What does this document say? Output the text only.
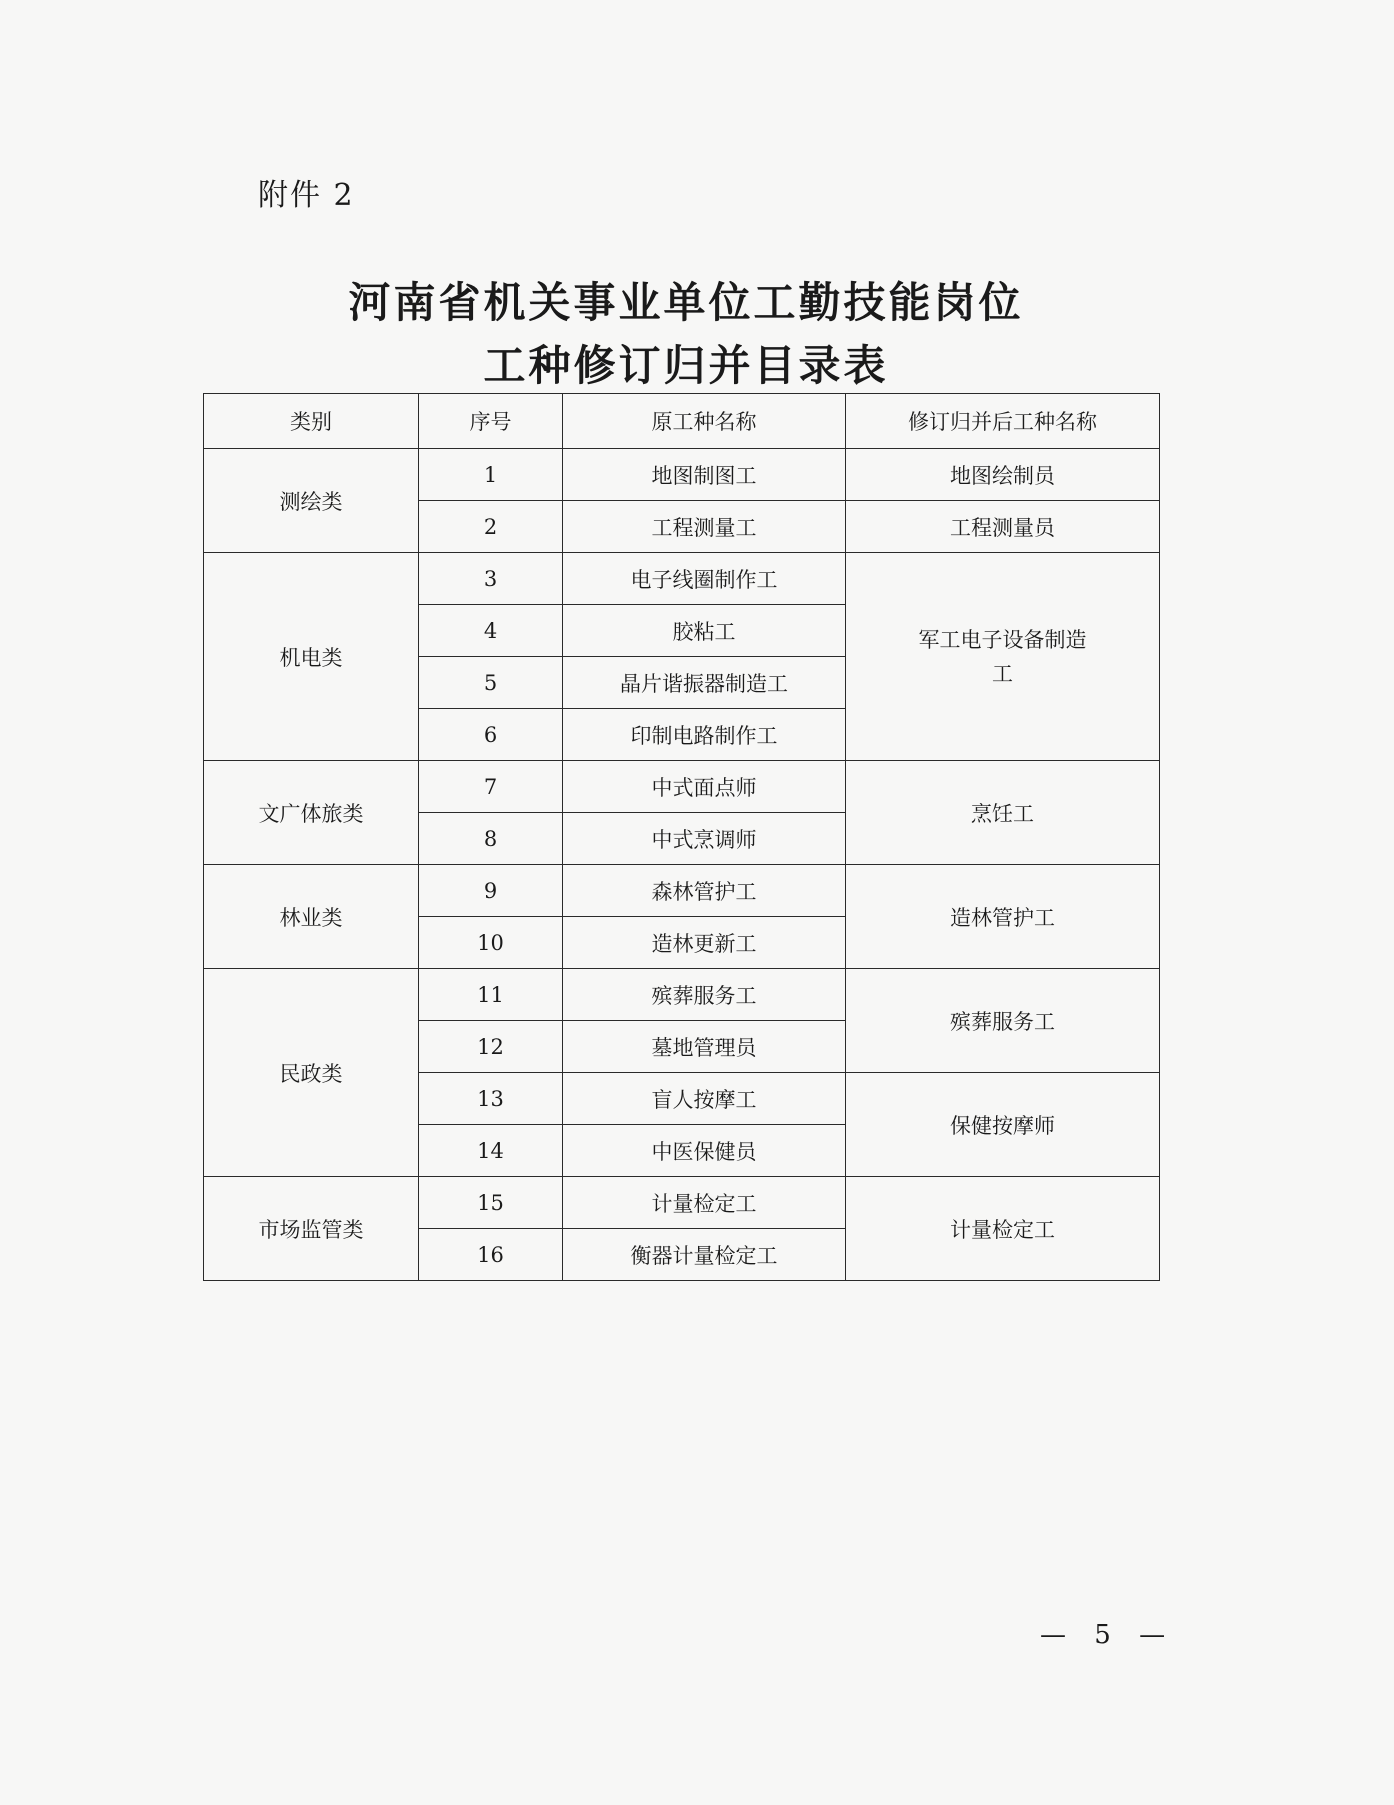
附件 2
河南省机关事业单位工勤技能岗位
工种修订归并目录表
类别	序号	原工种名称	修订归并后工种名称
测绘类	1	地图制图工	地图绘制员
	2	工程测量工	工程测量员
机电类	3	电子线圈制作工	军工电子设备制造工
	4	胶粘工	
	5	晶片谐振器制造工	
	6	印制电路制作工	
文广体旅类	7	中式面点师	烹饪工
	8	中式烹调师	
林业类	9	森林管护工	造林管护工
	10	造林更新工	
民政类	11	殡葬服务工	殡葬服务工
	12	墓地管理员	
	13	盲人按摩工	保健按摩师
	14	中医保健员	
市场监管类	15	计量检定工	计量检定工
	16	衡器计量检定工	
— 5 —
